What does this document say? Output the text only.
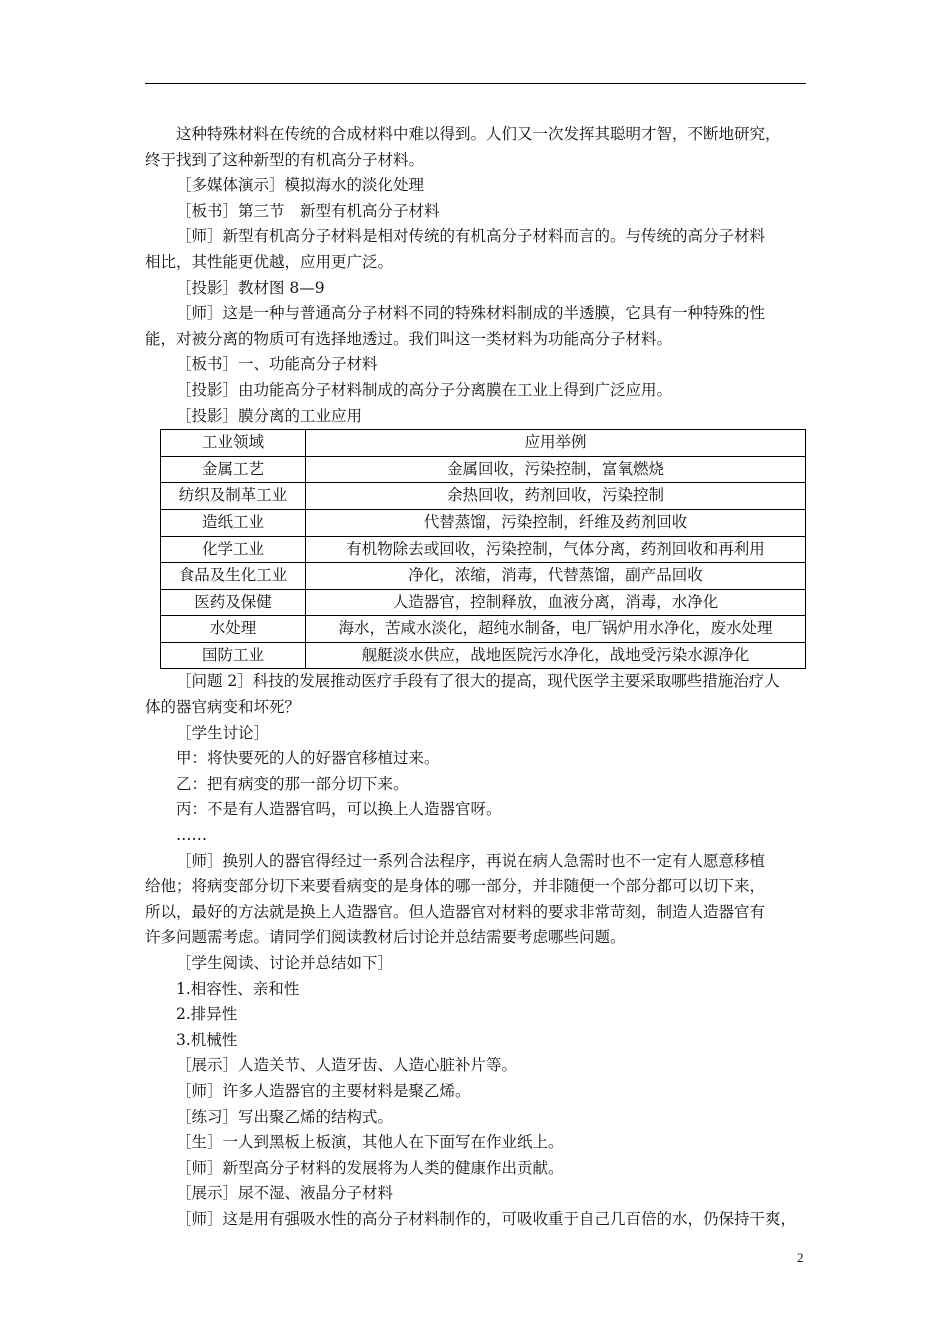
这种特殊材料在传统的合成材料中难以得到。人们又一次发挥其聪明才智，不断地研究，

终于找到了这种新型的有机高分子材料。

［多媒体演示］模拟海水的淡化处理

［板书］第三节　新型有机高分子材料

［师］新型有机高分子材料是相对传统的有机高分子材料而言的。与传统的高分子材料

相比，其性能更优越，应用更广泛。

［投影］教材图 8—9

［师］这是一种与普通高分子材料不同的特殊材料制成的半透膜，它具有一种特殊的性

能，对被分离的物质可有选择地透过。我们叫这一类材料为功能高分子材料。

［板书］一、功能高分子材料

［投影］由功能高分子材料制成的高分子分离膜在工业上得到广泛应用。

［投影］膜分离的工业应用

工业领域	应用举例
金属工艺	金属回收，污染控制，富氧燃烧
纺织及制革工业	余热回收，药剂回收，污染控制
造纸工业	代替蒸馏，污染控制，纤维及药剂回收
化学工业	有机物除去或回收，污染控制，气体分离，药剂回收和再利用
食品及生化工业	净化，浓缩，消毒，代替蒸馏，副产品回收
医药及保健	人造器官，控制释放，血液分离，消毒，水净化
水处理	海水，苦咸水淡化，超纯水制备，电厂锅炉用水净化，废水处理
国防工业	舰艇淡水供应，战地医院污水净化，战地受污染水源净化

［问题 2］科技的发展推动医疗手段有了很大的提高，现代医学主要采取哪些措施治疗人

体的器官病变和坏死？

［学生讨论］

甲：将快要死的人的好器官移植过来。

乙：把有病变的那一部分切下来。

丙：不是有人造器官吗，可以换上人造器官呀。

……

［师］换别人的器官得经过一系列合法程序，再说在病人急需时也不一定有人愿意移植

给他；将病变部分切下来要看病变的是身体的哪一部分，并非随便一个部分都可以切下来，

所以，最好的方法就是换上人造器官。但人造器官对材料的要求非常苛刻，制造人造器官有

许多问题需考虑。请同学们阅读教材后讨论并总结需要考虑哪些问题。

［学生阅读、讨论并总结如下］

1.相容性、亲和性

2.排异性

3.机械性

［展示］人造关节、人造牙齿、人造心脏补片等。

［师］许多人造器官的主要材料是聚乙烯。

［练习］写出聚乙烯的结构式。

［生］一人到黑板上板演，其他人在下面写在作业纸上。

［师］新型高分子材料的发展将为人类的健康作出贡献。

［展示］尿不湿、液晶分子材料

［师］这是用有强吸水性的高分子材料制作的，可吸收重于自己几百倍的水，仍保持干爽，

2
